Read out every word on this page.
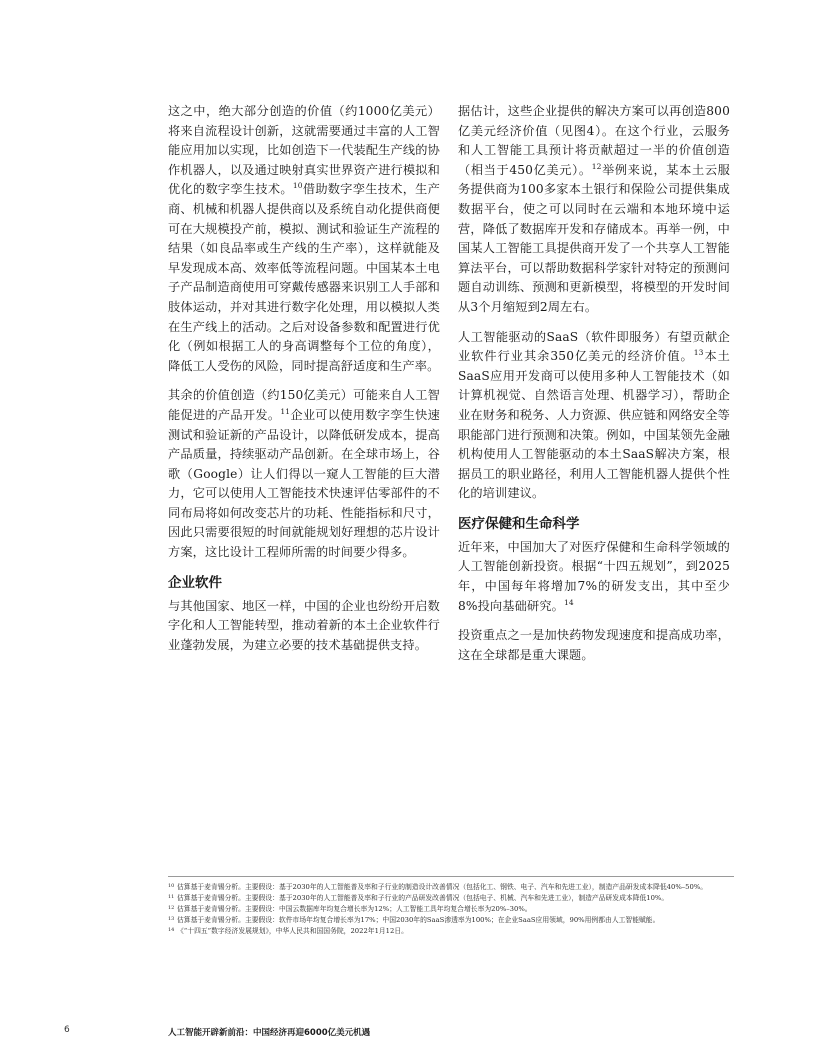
这之中，绝大部分创造的价值（约1000亿美元）将来自流程设计创新，这就需要通过丰富的人工智能应用加以实现，比如创造下一代装配生产线的协作机器人，以及通过映射真实世界资产进行模拟和优化的数字孪生技术。$^{10}$借助数字孪生技术，生产商、机械和机器人提供商以及系统自动化提供商便可在大规模投产前，模拟、测试和验证生产流程的结果（如良品率或生产线的生产率），这样就能及早发现成本高、效率低等流程问题。中国某本土电子产品制造商使用可穿戴传感器来识别工人手部和肢体运动，并对其进行数字化处理，用以模拟人类在生产线上的活动。之后对设备参数和配置进行优化（例如根据工人的身高调整每个工位的角度），降低工人受伤的风险，同时提高舒适度和生产率。

其余的价值创造（约150亿美元）可能来自人工智能促进的产品开发。$^{11}$企业可以使用数字孪生快速测试和验证新的产品设计，以降低研发成本，提高产品质量，持续驱动产品创新。在全球市场上，谷歌（Google）让人们得以一窥人工智能的巨大潜力，它可以使用人工智能技术快速评估零部件的不同布局将如何改变芯片的功耗、性能指标和尺寸，因此只需要很短的时间就能规划好理想的芯片设计方案，这比设计工程师所需的时间要少得多。

企业软件

与其他国家、地区一样，中国的企业也纷纷开启数字化和人工智能转型，推动着新的本土企业软件行业蓬勃发展，为建立必要的技术基础提供支持。

据估计，这些企业提供的解决方案可以再创造800亿美元经济价值（见图4）。在这个行业，云服务和人工智能工具预计将贡献超过一半的价值创造（相当于450亿美元）。$^{12}$举例来说，某本土云服务提供商为100多家本土银行和保险公司提供集成数据平台，使之可以同时在云端和本地环境中运营，降低了数据库开发和存储成本。再举一例，中国某人工智能工具提供商开发了一个共享人工智能算法平台，可以帮助数据科学家针对特定的预测问题自动训练、预测和更新模型，将模型的开发时间从3个月缩短到2周左右。

人工智能驱动的SaaS（软件即服务）有望贡献企业软件行业其余350亿美元的经济价值。$^{13}$本土SaaS应用开发商可以使用多种人工智能技术（如计算机视觉、自然语言处理、机器学习），帮助企业在财务和税务、人力资源、供应链和网络安全等职能部门进行预测和决策。例如，中国某领先金融机构使用人工智能驱动的本土SaaS解决方案，根据员工的职业路径，利用人工智能机器人提供个性化的培训建议。

医疗保健和生命科学

近年来，中国加大了对医疗保健和生命科学领域的人工智能创新投资。根据“十四五规划”，到2025年，中国每年将增加7%的研发支出，其中至少8%投向基础研究。$^{14}$

投资重点之一是加快药物发现速度和提高成功率，这在全球都是重大课题。

10 估算基于麦肯锡分析。主要假设：基于2030年的人工智能普及率和子行业的制造设计改善情况（包括化工、钢铁、电子、汽车和先进工业），制造产品研发成本降低40%–50%。
11 估算基于麦肯锡分析。主要假设：基于2030年的人工智能普及率和子行业的产品研发改善情况（包括电子、机械、汽车和先进工业），制造产品研发成本降低10%。
12 估算基于麦肯锡分析。主要假设：中国云数据库年均复合增长率为12%；人工智能工具年均复合增长率为20%–30%。
13 估算基于麦肯锡分析。主要假设：软件市场年均复合增长率为17%；中国2030年的SaaS渗透率为100%；在企业SaaS应用领域，90%用例都由人工智能赋能。
14 《“十四五”数字经济发展规划》，中华人民共和国国务院，2022年1月12日。
6	人工智能开辟新前沿：中国经济再迎6000亿美元机遇
